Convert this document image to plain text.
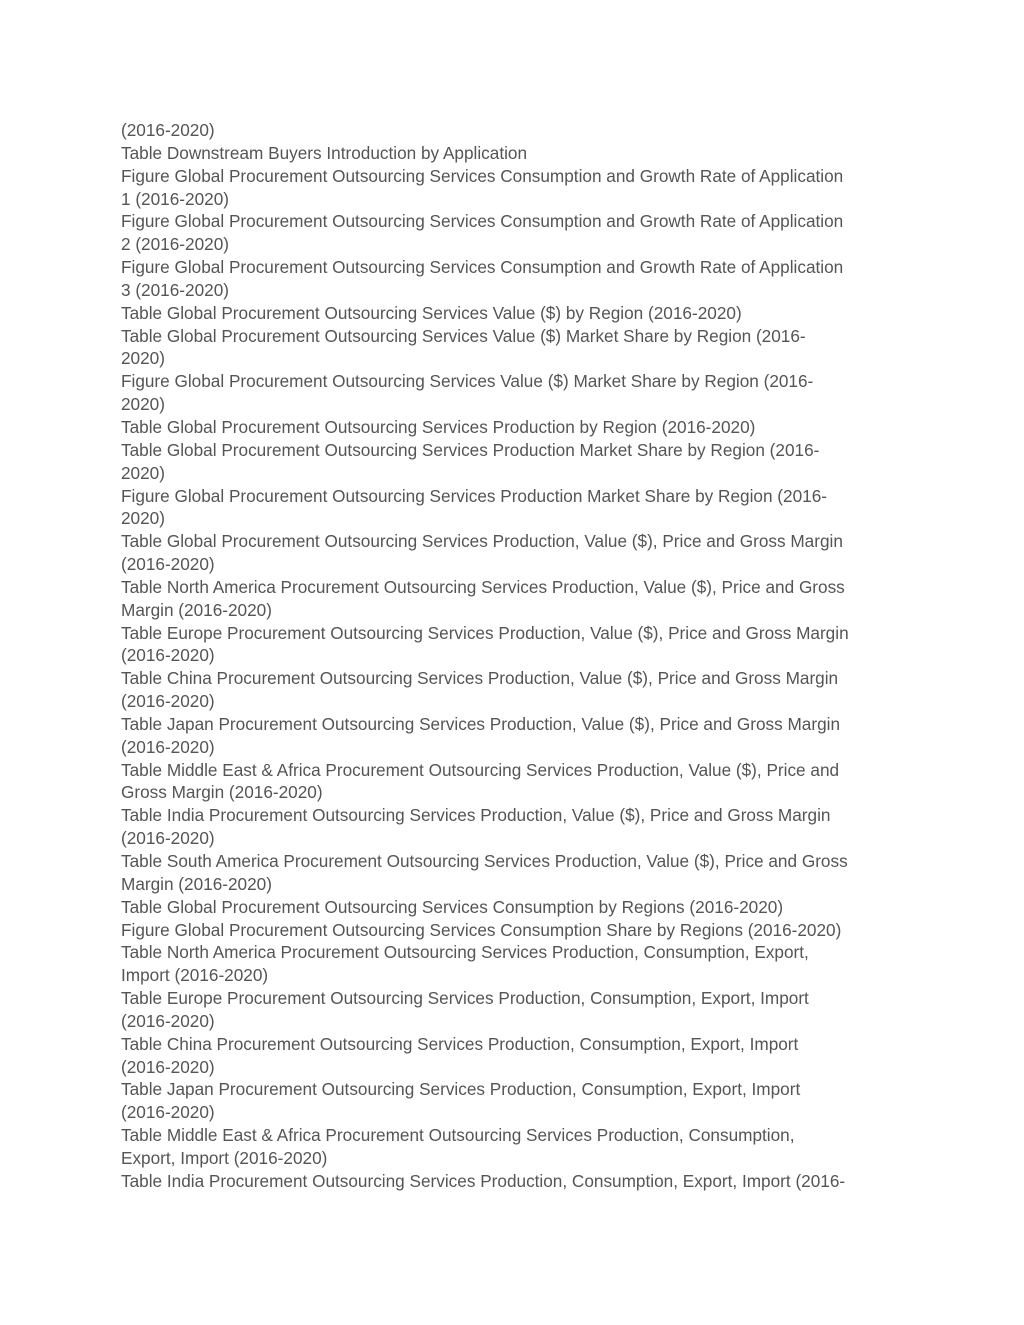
(2016-2020)
Table Downstream Buyers Introduction by Application
Figure Global Procurement Outsourcing Services Consumption and Growth Rate of Application
1 (2016-2020)
Figure Global Procurement Outsourcing Services Consumption and Growth Rate of Application
2 (2016-2020)
Figure Global Procurement Outsourcing Services Consumption and Growth Rate of Application
3 (2016-2020)
Table Global Procurement Outsourcing Services Value ($) by Region (2016-2020)
Table Global Procurement Outsourcing Services Value ($) Market Share by Region (2016-
2020)
Figure Global Procurement Outsourcing Services Value ($) Market Share by Region (2016-
2020)
Table Global Procurement Outsourcing Services Production by Region (2016-2020)
Table Global Procurement Outsourcing Services Production Market Share by Region (2016-
2020)
Figure Global Procurement Outsourcing Services Production Market Share by Region (2016-
2020)
Table Global Procurement Outsourcing Services Production, Value ($), Price and Gross Margin
(2016-2020)
Table North America Procurement Outsourcing Services Production, Value ($), Price and Gross
Margin (2016-2020)
Table Europe Procurement Outsourcing Services Production, Value ($), Price and Gross Margin
(2016-2020)
Table China Procurement Outsourcing Services Production, Value ($), Price and Gross Margin
(2016-2020)
Table Japan Procurement Outsourcing Services Production, Value ($), Price and Gross Margin
(2016-2020)
Table Middle East & Africa Procurement Outsourcing Services Production, Value ($), Price and
Gross Margin (2016-2020)
Table India Procurement Outsourcing Services Production, Value ($), Price and Gross Margin
(2016-2020)
Table South America Procurement Outsourcing Services Production, Value ($), Price and Gross
Margin (2016-2020)
Table Global Procurement Outsourcing Services Consumption by Regions (2016-2020)
Figure Global Procurement Outsourcing Services Consumption Share by Regions (2016-2020)
Table North America Procurement Outsourcing Services Production, Consumption, Export,
Import (2016-2020)
Table Europe Procurement Outsourcing Services Production, Consumption, Export, Import
(2016-2020)
Table China Procurement Outsourcing Services Production, Consumption, Export, Import
(2016-2020)
Table Japan Procurement Outsourcing Services Production, Consumption, Export, Import
(2016-2020)
Table Middle East & Africa Procurement Outsourcing Services Production, Consumption,
Export, Import (2016-2020)
Table India Procurement Outsourcing Services Production, Consumption, Export, Import (2016-
